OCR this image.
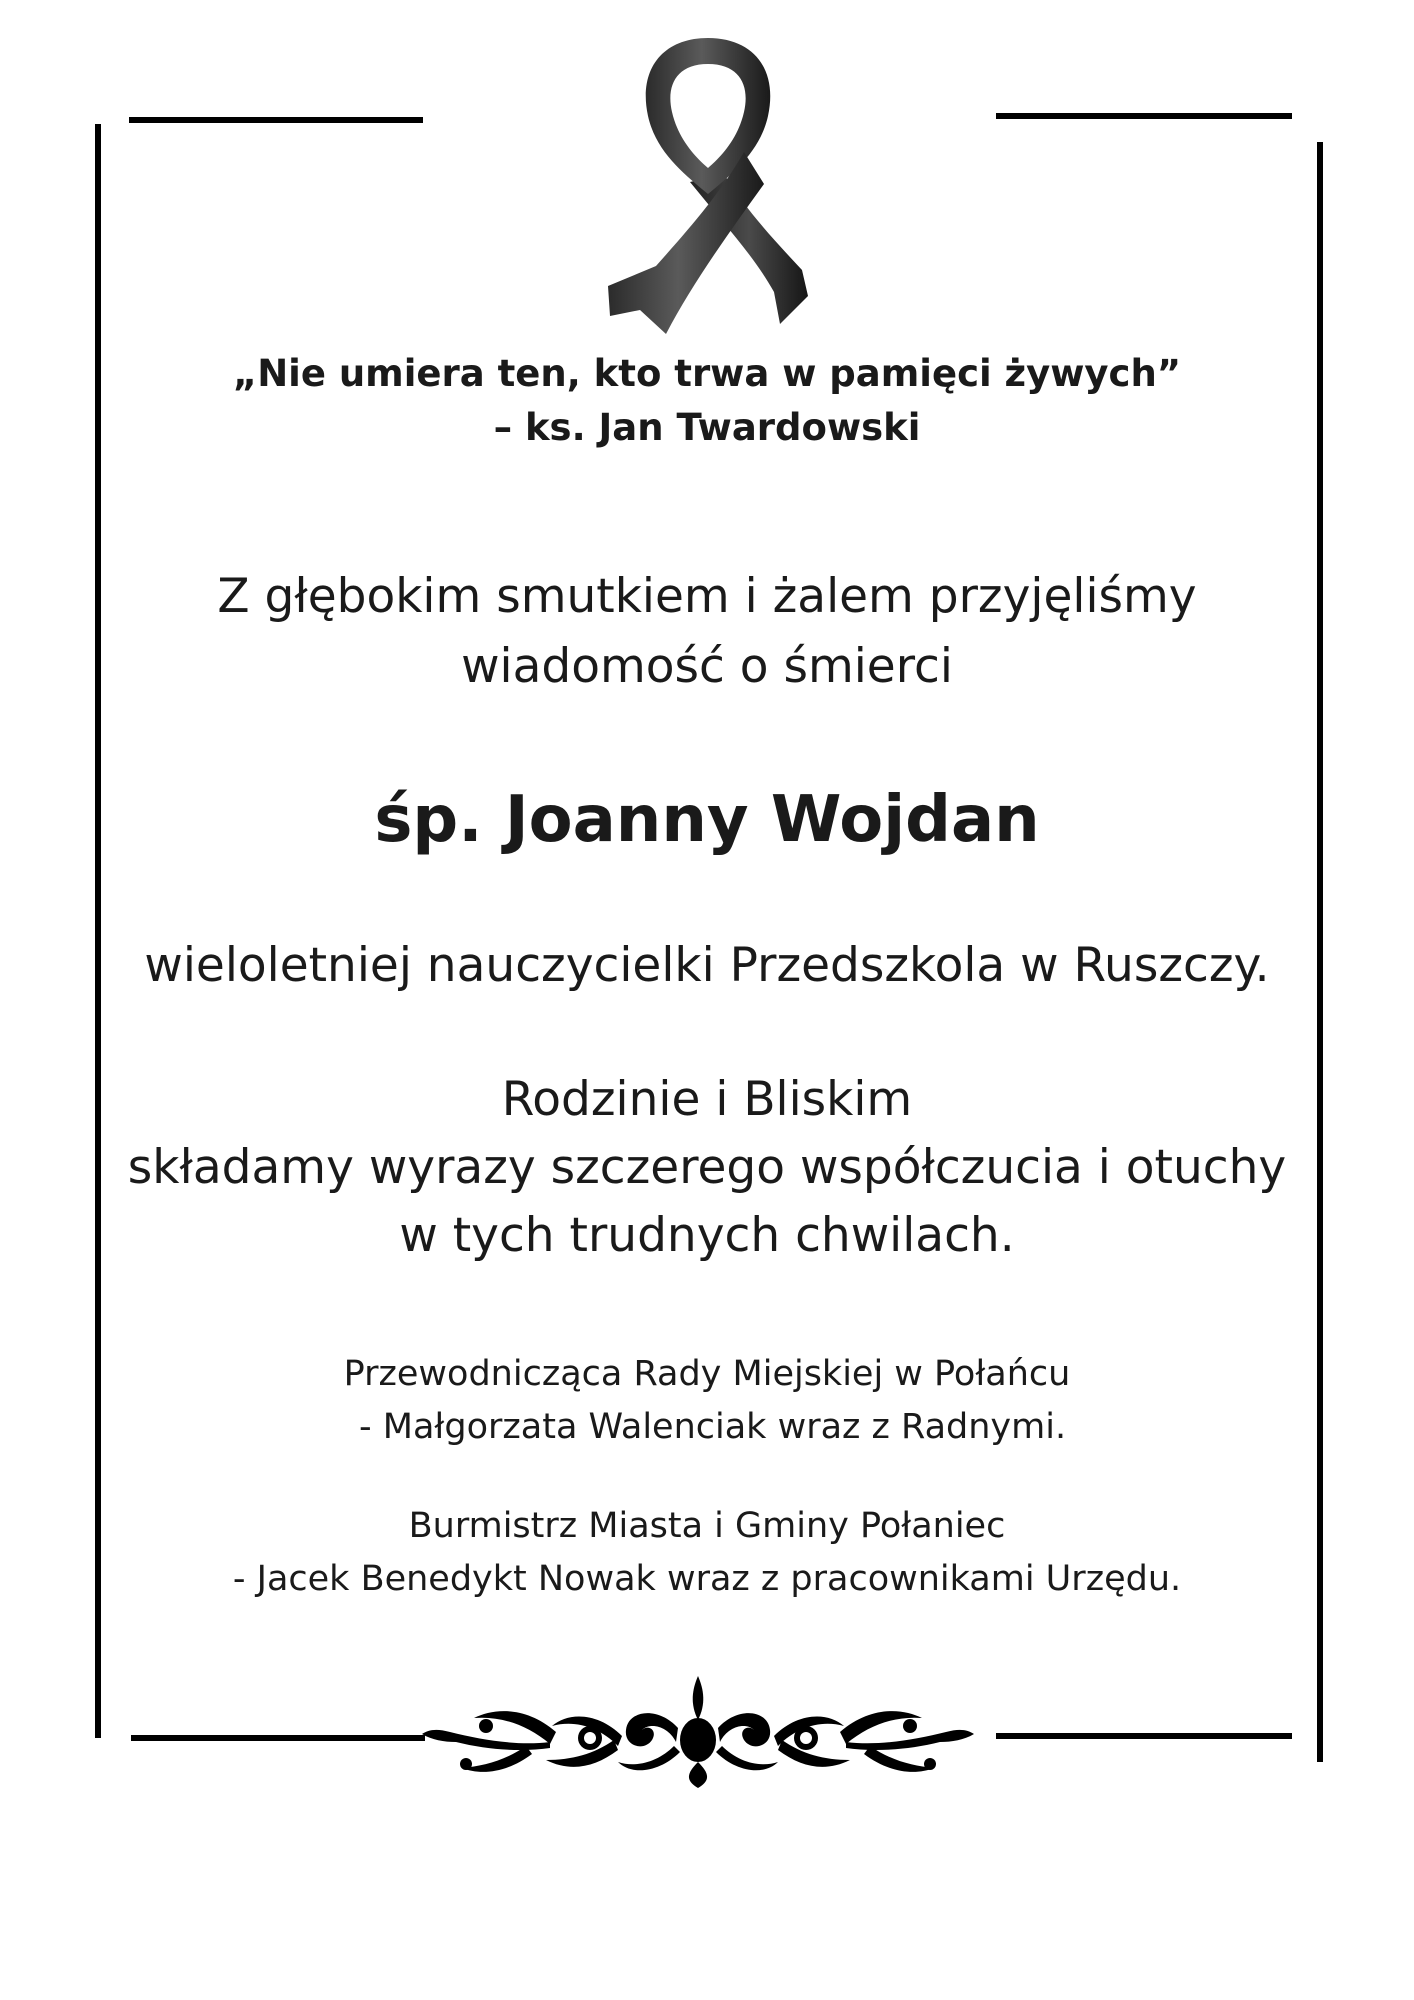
„Nie umiera ten, kto trwa w pamięci żywych”
– ks. Jan Twardowski
Z głębokim smutkiem i żalem przyjęliśmy
wiadomość o śmierci
śp. Joanny Wojdan
wieloletniej nauczycielki Przedszkola w Ruszczy.
Rodzinie i Bliskim
składamy wyrazy szczerego współczucia i otuchy
w tych trudnych chwilach.
Przewodnicząca Rady Miejskiej w Połańcu
- Małgorzata Walenciak wraz z Radnymi.
Burmistrz Miasta i Gminy Połaniec
- Jacek Benedykt Nowak wraz z pracownikami Urzędu.
